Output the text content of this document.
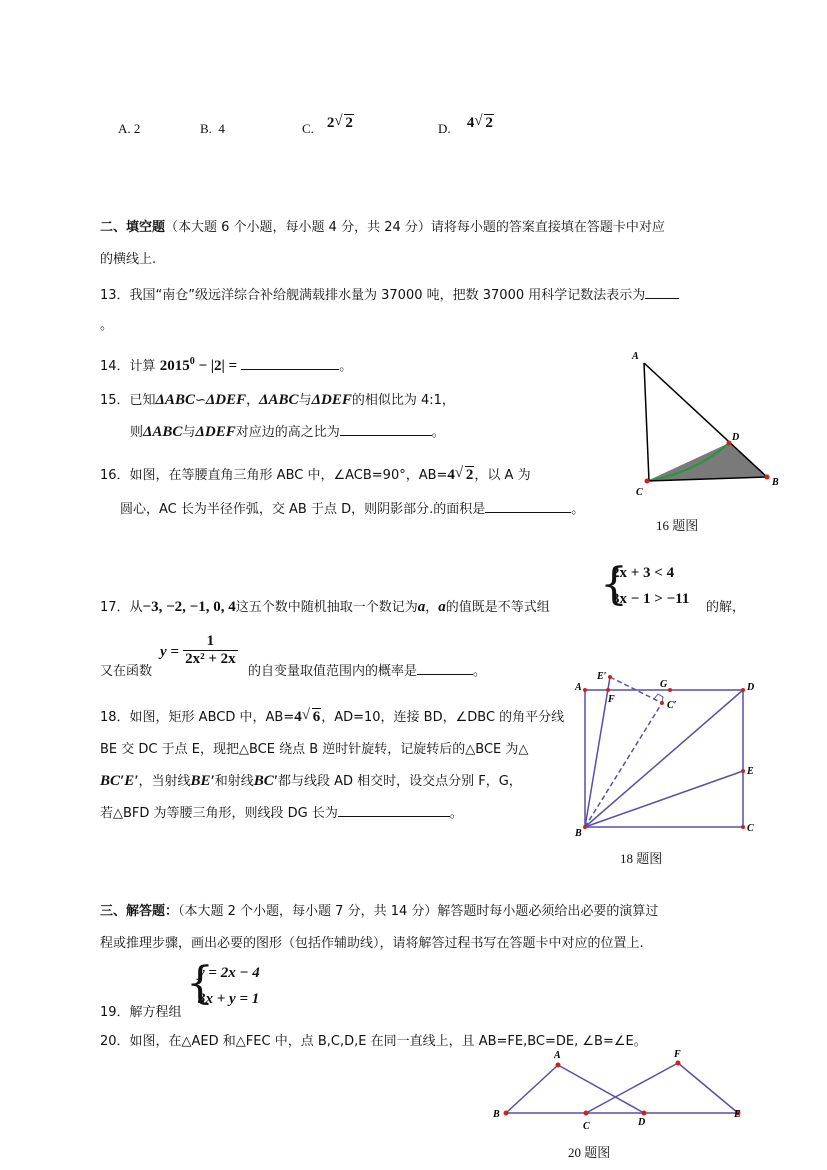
A. 2	B. 4	C. 2 √ 2	D. 4 √ 2
二、填空题（本大题 6 个小题，每小题 4 分，共 24 分）请将每小题的答案直接填在答题卡中对应
的横线上.
13．我国“南仓”级远洋综合补给舰满载排水量为 37000 吨，把数 37000 用科学记数法表示为
。
14．计算 $2015^0 - |2|$ =	。
15．已知ΔABC∽ΔDEF，ΔABC与ΔDEF的相似比为 4:1，
则ΔABC与ΔDEF对应边的高之比为	。
16．如图，在等腰直角三角形 ABC 中，∠ACB=90°，AB=4 √ 2，以 A 为
圆心，AC 长为半径作弧，交 AB 于点 D，则阴影部分.的面积是	。
A
D
C
B
16 题图
17．从−3, −2, −1, 0, 4这五个数中随机抽取一个数记为a，a的值既是不等式组 {
2x + 3 < 4
3x − 1 > −11
的解，
又在函数
$y = \frac{1}{\text{2x² + 2x}}$
的自变量取值范围内的概率是	。
18．如图，矩形 ABCD 中，AB=4 √ 6，AD=10，连接 BD，∠DBC 的角平分线
BE 交 DC 于点 E，现把△BCE 绕点 B 逆时针旋转，记旋转后的△BCE 为△
BC′E′，当射线BE′和射线BC′都与线段 AD 相交时，设交点分别 F，G，
若△BFD 为等腰三角形，则线段 DG 长为	。
A	D
B	C
E
E′
F
G
C′
18 题图
三、解答题：（本大题 2 个小题，每小题 7 分，共 14 分）解答题时每小题必须给出必要的演算过
程或推理步骤，画出必要的图形（包括作辅助线），请将解答过程书写在答题卡中对应的位置上.
19．解方程组
{
y = 2x − 4
3x + y = 1
20．如图，在△AED 和△FEC 中，点 B,C,D,E 在同一直线上，且 AB=FE,BC=DE, ∠B=∠E。
A
B
C	D
F
E
20 题图
